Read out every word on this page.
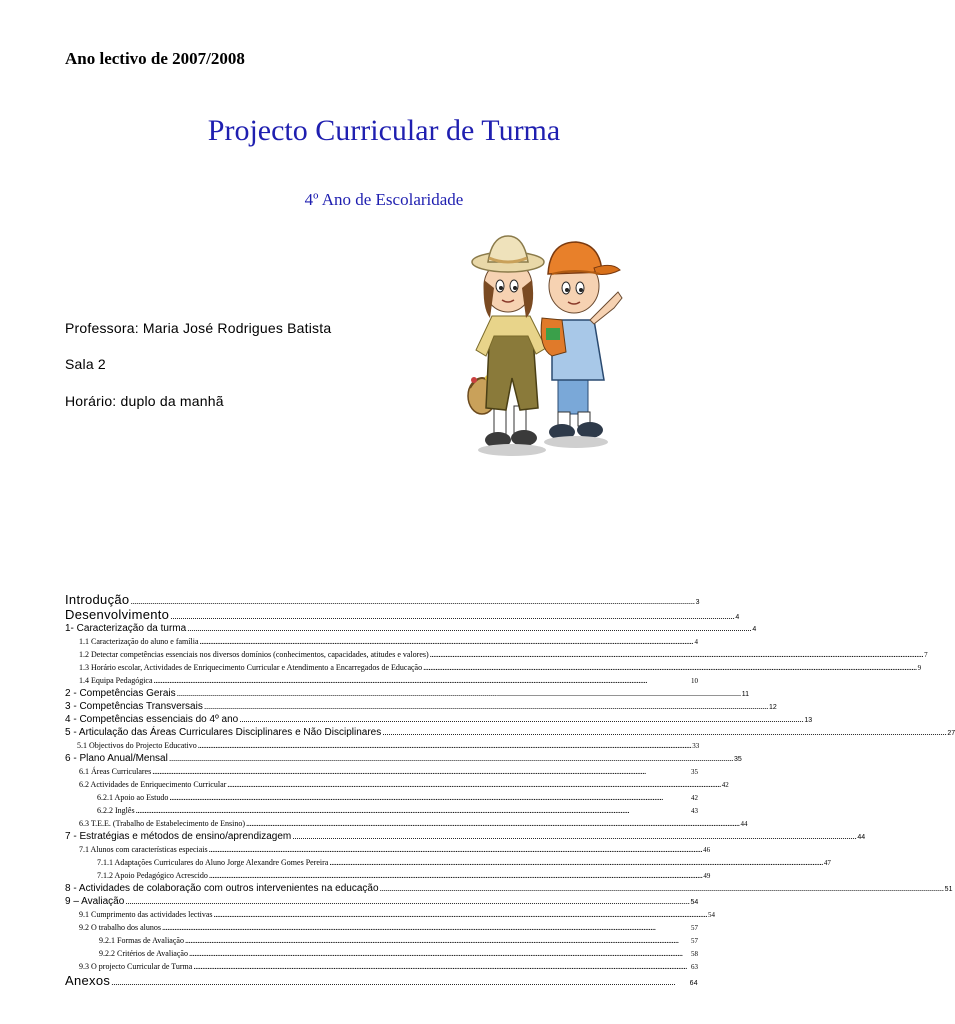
Ano lectivo de 2007/2008
Projecto Curricular de Turma
4º Ano de Escolaridade
Professora: Maria José Rodrigues Batista
Sala 2
Horário: duplo da manhã
Introdução .......................................................................................................................................................................................................................................................................................... 3
Desenvolvimento .......................................................................................................................................................................................................................................................................................... 4
1- Caracterização da turma .......................................................................................................................................................................................................................................................................................... 4
1.1 Caracterização do aluno e família .......................................................................................................................................................................................................................................................................................... 4
1.2 Detectar competências essenciais nos diversos domínios (conhecimentos, capacidades, atitudes e valores) .......................................................................................................................................................................................................................................................................................... 7
1.3 Horário escolar, Actividades de Enriquecimento Curricular e Atendimento a Encarregados de Educação .......................................................................................................................................................................................................................................................................................... 9
1.4 Equipa Pedagógica ..........................................................................................................................................................................................................................................................................................	10
2 - Competências Gerais .......................................................................................................................................................................................................................................................................................... 11
3 - Competências Transversais .......................................................................................................................................................................................................................................................................................... 12
4 - Competências essenciais do 4º ano .......................................................................................................................................................................................................................................................................................... 13
5 - Articulação das Áreas Curriculares Disciplinares e Não Disciplinares .......................................................................................................................................................................................................................................................................................... 27
5.1 Objectivos do Projecto Educativo .......................................................................................................................................................................................................................................................................................... 33
6 - Plano Anual/Mensal .......................................................................................................................................................................................................................................................................................... 35
6.1 Áreas Curriculares ..........................................................................................................................................................................................................................................................................................	35
6.2 Actividades de Enriquecimento Curricular .......................................................................................................................................................................................................................................................................................... 42
6.2.1 Apoio ao Estudo ..........................................................................................................................................................................................................................................................................................	42
6.2.2 Inglês ..........................................................................................................................................................................................................................................................................................	43
6.3 T.E.E. (Trabalho de Estabelecimento de Ensino) .......................................................................................................................................................................................................................................................................................... 44
7 - Estratégias e métodos de ensino/aprendizagem .......................................................................................................................................................................................................................................................................................... 44
7.1 Alunos com características especiais .......................................................................................................................................................................................................................................................................................... 46
7.1.1 Adaptações Curriculares do Aluno Jorge Alexandre Gomes Pereira .......................................................................................................................................................................................................................................................................................... 47
7.1.2 Apoio Pedagógico Acrescido .......................................................................................................................................................................................................................................................................................... 49
8 - Actividades de colaboração com outros intervenientes na educação .......................................................................................................................................................................................................................................................................................... 51
9 – Avaliação .......................................................................................................................................................................................................................................................................................... 54
9.1 Cumprimento das actividades lectivas .......................................................................................................................................................................................................................................................................................... 54
9.2 O trabalho dos alunos ..........................................................................................................................................................................................................................................................................................	57
9.2.1 Formas de Avaliação ..........................................................................................................................................................................................................................................................................................	57
9.2.2 Critérios de Avaliação ..........................................................................................................................................................................................................................................................................................	58
9.3 O projecto Curricular de Turma .......................................................................................................................................................................................................................................................................................... 63
Anexos ..........................................................................................................................................................................................................................................................................................	64
